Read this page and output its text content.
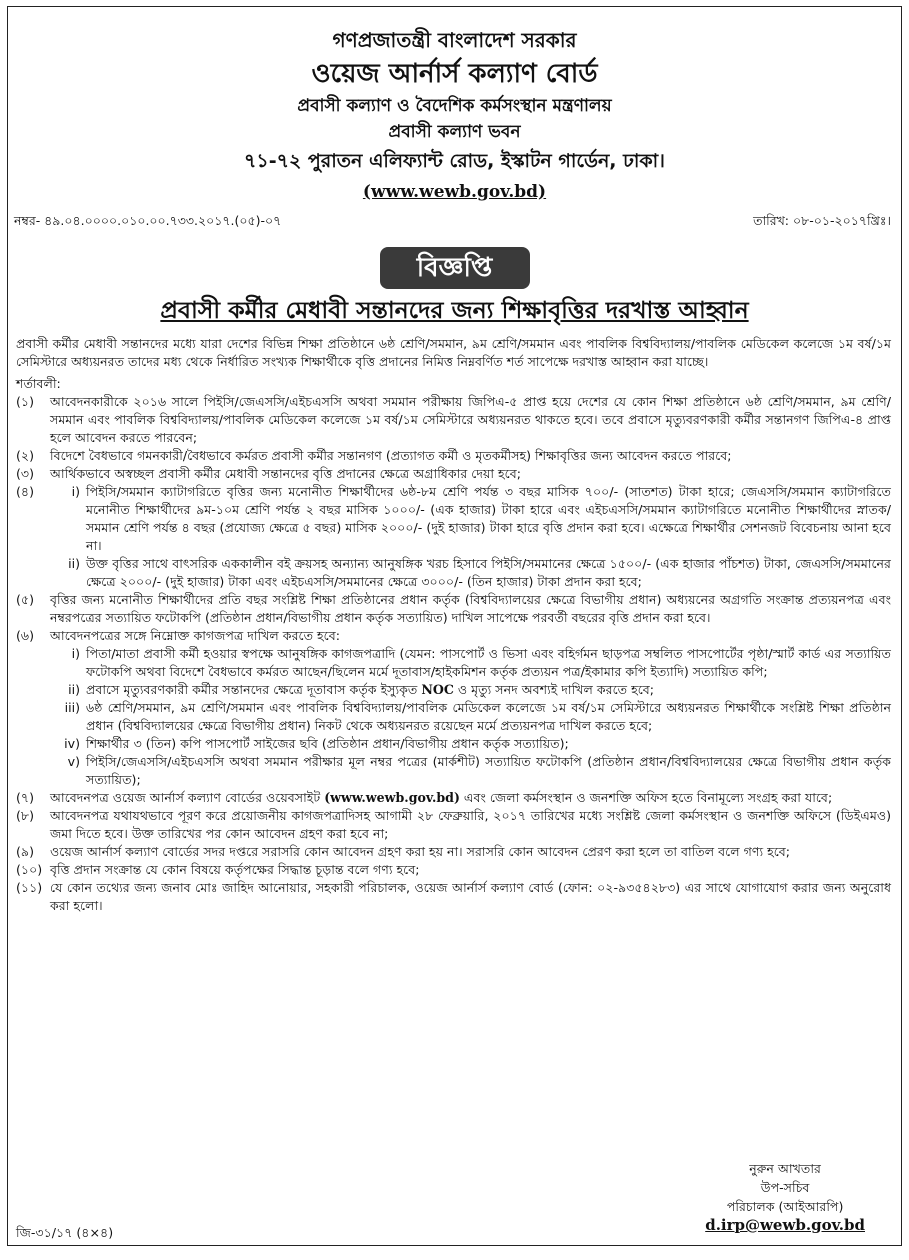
গণপ্রজাতন্ত্রী বাংলাদেশ সরকার
ওয়েজ আর্নার্স কল্যাণ বোর্ড
প্রবাসী কল্যাণ ও বৈদেশিক কর্মসংস্থান মন্ত্রণালয়
প্রবাসী কল্যাণ ভবন
৭১-৭২ পুরাতন এলিফ্যান্ট রোড, ইস্কাটন গার্ডেন, ঢাকা।
(www.wewb.gov.bd)
নম্বর- ৪৯.০৪.০০০০.০১০.০০.৭৩৩.২০১৭.(০৫)-০৭	তারিখ: ০৮-০১-২০১৭খ্রিঃ।
বিজ্ঞপ্তি
প্রবাসী কর্মীর মেধাবী সন্তানদের জন্য শিক্ষাবৃত্তির দরখাস্ত আহ্বান

প্রবাসী কর্মীর মেধাবী সন্তানদের মধ্যে যারা দেশের বিভিন্ন শিক্ষা প্রতিষ্ঠানে ৬ষ্ঠ শ্রেণি/সমমান, ৯ম শ্রেণি/সমমান এবং পাবলিক বিশ্ববিদ্যালয়/পাবলিক মেডিকেল কলেজে ১ম বর্ষ/১ম সেমিস্টারে অধ্যয়নরত তাদের মধ্য থেকে নির্ধারিত সংখ্যক শিক্ষার্থীকে বৃত্তি প্রদানের নিমিত্ত নিম্নবর্ণিত শর্ত সাপেক্ষে দরখাস্ত আহ্বান করা যাচ্ছে।

শর্তাবলী:
(১)	আবেদনকারীকে ২০১৬ সালে পিইসি/জেএসসি/এইচএসসি অথবা সমমান পরীক্ষায় জিপিএ-৫ প্রাপ্ত হয়ে দেশের যে কোন শিক্ষা প্রতিষ্ঠানে ৬ষ্ঠ শ্রেণি/সমমান, ৯ম শ্রেণি/সমমান এবং পাবলিক বিশ্ববিদ্যালয়/পাবলিক মেডিকেল কলেজে ১ম বর্ষ/১ম সেমিস্টারে অধ্যয়নরত থাকতে হবে। তবে প্রবাসে মৃত্যুবরণকারী কর্মীর সন্তানগণ জিপিএ-৪ প্রাপ্ত হলে আবেদন করতে পারবেন;
(২)	বিদেশে বৈধভাবে গমনকারী/বৈধভাবে কর্মরত প্রবাসী কর্মীর সন্তানগণ (প্রত্যাগত কর্মী ও মৃতকর্মীসহ) শিক্ষাবৃত্তির জন্য আবেদন করতে পারবে;
(৩)	আর্থিকভাবে অস্বচ্ছল প্রবাসী কর্মীর মেধাবী সন্তানদের বৃত্তি প্রদানের ক্ষেত্রে অগ্রাধিকার দেয়া হবে;
(৪)	i) পিইসি/সমমান ক্যাটাগরিতে বৃত্তির জন্য মনোনীত শিক্ষার্থীদের ৬ষ্ঠ-৮ম শ্রেণি পর্যন্ত ৩ বছর মাসিক ৭০০/- (সাতশত) টাকা হারে; জেএসসি/সমমান ক্যাটাগরিতে মনোনীত শিক্ষার্থীদের ৯ম-১০ম শ্রেণি পর্যন্ত ২ বছর মাসিক ১০০০/- (এক হাজার) টাকা হারে এবং এইচএসসি/সমমান ক্যাটাগরিতে মনোনীত শিক্ষার্থীদের স্নাতক/সমমান শ্রেণি পর্যন্ত ৪ বছর (প্রযোজ্য ক্ষেত্রে ৫ বছর) মাসিক ২০০০/- (দুই হাজার) টাকা হারে বৃত্তি প্রদান করা হবে। এক্ষেত্রে শিক্ষার্থীর সেশনজট বিবেচনায় আনা হবে না।
ii) উক্ত বৃত্তির সাথে বাৎসরিক এককালীন বই ক্রয়সহ অন্যান্য আনুষঙ্গিক খরচ হিসাবে পিইসি/সমমানের ক্ষেত্রে ১৫০০/- (এক হাজার পাঁচশত) টাকা, জেএসসি/সমমানের ক্ষেত্রে ২০০০/- (দুই হাজার) টাকা এবং এইচএসসি/সমমানের ক্ষেত্রে ৩০০০/- (তিন হাজার) টাকা প্রদান করা হবে;
(৫)	বৃত্তির জন্য মনোনীত শিক্ষার্থীদের প্রতি বছর সংশ্লিষ্ট শিক্ষা প্রতিষ্ঠানের প্রধান কর্তৃক (বিশ্ববিদ্যালয়ের ক্ষেত্রে বিভাগীয় প্রধান) অধ্যয়নের অগ্রগতি সংক্রান্ত প্রত্যয়নপত্র এবং নম্বরপত্রের সত্যায়িত ফটোকপি (প্রতিষ্ঠান প্রধান/বিভাগীয় প্রধান কর্তৃক সত্যায়িত) দাখিল সাপেক্ষে পরবর্তী বছরের বৃত্তি প্রদান করা হবে।
(৬)	আবেদনপত্রের সঙ্গে নিম্নোক্ত কাগজপত্র দাখিল করতে হবে:
i) পিতা/মাতা প্রবাসী কর্মী হওয়ার স্বপক্ষে আনুষঙ্গিক কাগজপত্রাদি (যেমন: পাসপোর্ট ও ভিসা এবং বহির্গমন ছাড়পত্র সম্বলিত পাসপোর্টের পৃষ্ঠা/স্মার্ট কার্ড এর সত্যায়িত ফটোকপি অথবা বিদেশে বৈধভাবে কর্মরত আছেন/ছিলেন মর্মে দূতাবাস/হাইকমিশন কর্তৃক প্রত্যয়ন পত্র/ইকামার কপি ইত্যাদি) সত্যায়িত কপি;
ii) প্রবাসে মৃত্যুবরণকারী কর্মীর সন্তানদের ক্ষেত্রে দূতাবাস কর্তৃক ইস্যুকৃত NOC ও মৃত্যু সনদ অবশ্যই দাখিল করতে হবে;
iii) ৬ষ্ঠ শ্রেণি/সমমান, ৯ম শ্রেণি/সমমান এবং পাবলিক বিশ্ববিদ্যালয়/পাবলিক মেডিকেল কলেজে ১ম বর্ষ/১ম সেমিস্টারে অধ্যয়নরত শিক্ষার্থীকে সংশ্লিষ্ট শিক্ষা প্রতিষ্ঠান প্রধান (বিশ্ববিদ্যালয়ের ক্ষেত্রে বিভাগীয় প্রধান) নিকট থেকে অধ্যয়নরত রয়েছেন মর্মে প্রত্যয়নপত্র দাখিল করতে হবে;
iv) শিক্ষার্থীর ৩ (তিন) কপি পাসপোর্ট সাইজের ছবি (প্রতিষ্ঠান প্রধান/বিভাগীয় প্রধান কর্তৃক সত্যায়িত);
v) পিইসি/জেএসসি/এইচএসসি অথবা সমমান পরীক্ষার মূল নম্বর পত্রের (মার্কশীট) সত্যায়িত ফটোকপি (প্রতিষ্ঠান প্রধান/বিশ্ববিদ্যালয়ের ক্ষেত্রে বিভাগীয় প্রধান কর্তৃক সত্যায়িত);
(৭)	আবেদনপত্র ওয়েজ আর্নার্স কল্যাণ বোর্ডের ওয়েবসাইট (www.wewb.gov.bd) এবং জেলা কর্মসংস্থান ও জনশক্তি অফিস হতে বিনামূল্যে সংগ্রহ করা যাবে;
(৮)	আবেদনপত্র যথাযথভাবে পূরণ করে প্রয়োজনীয় কাগজপত্রাদিসহ আগামী ২৮ ফেব্রুয়ারি, ২০১৭ তারিখের মধ্যে সংশ্লিষ্ট জেলা কর্মসংস্থান ও জনশক্তি অফিসে (ডিইএমও) জমা দিতে হবে। উক্ত তারিখের পর কোন আবেদন গ্রহণ করা হবে না;
(৯)	ওয়েজ আর্নার্স কল্যাণ বোর্ডের সদর দপ্তরে সরাসরি কোন আবেদন গ্রহণ করা হয় না। সরাসরি কোন আবেদন প্রেরণ করা হলে তা বাতিল বলে গণ্য হবে;
(১০) বৃত্তি প্রদান সংক্রান্ত যে কোন বিষয়ে কর্তৃপক্ষের সিদ্ধান্ত চূড়ান্ত বলে গণ্য হবে;
(১১) যে কোন তথ্যের জন্য জনাব মোঃ জাহিদ আনোয়ার, সহকারী পরিচালক, ওয়েজ আর্নার্স কল্যাণ বোর্ড (ফোন: ০২-৯৩৫৪২৮৩) এর সাথে যোগাযোগ করার জন্য অনুরোধ করা হলো।
নুরুন আখতার
উপ-সচিব
পরিচালক (আইআরপি)
d.irp@wewb.gov.bd
জি-৩১/১৭ (৪×৪)
